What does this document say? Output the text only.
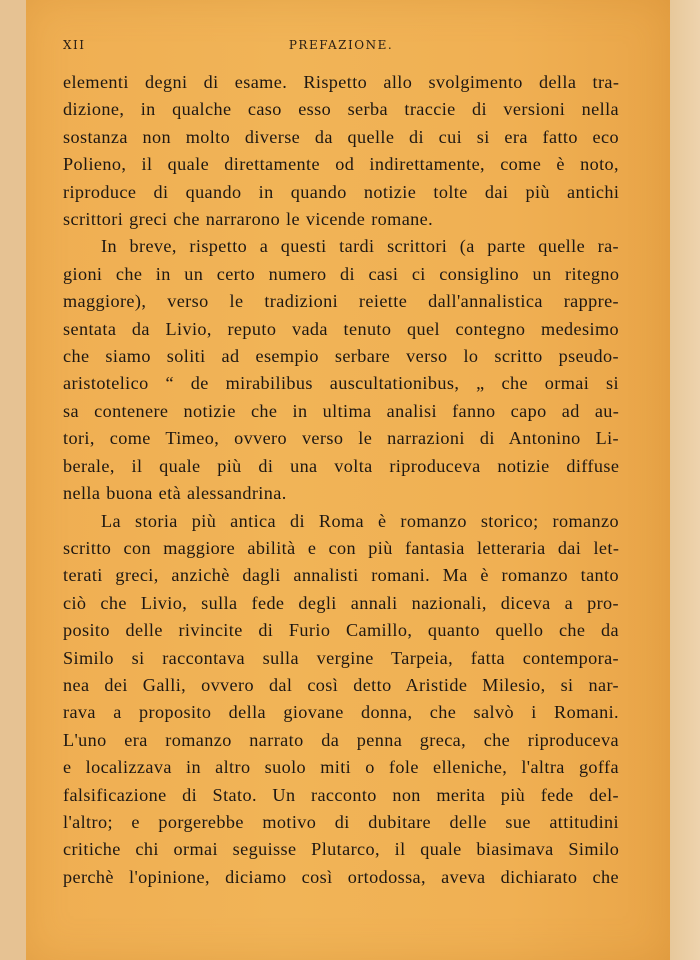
XII	PREFAZIONE.

elementi degni di esame. Rispetto allo svolgimento della tra-
dizione, in qualche caso esso serba traccie di versioni nella
sostanza non molto diverse da quelle di cui si era fatto eco
Polieno, il quale direttamente od indirettamente, come è noto,
riproduce di quando in quando notizie tolte dai più antichi
scrittori greci che narrarono le vicende romane.

In breve, rispetto a questi tardi scrittori (a parte quelle ra-
gioni che in un certo numero di casi ci consiglino un ritegno
maggiore), verso le tradizioni reiette dall'annalistica rappre-
sentata da Livio, reputo vada tenuto quel contegno medesimo
che siamo soliti ad esempio serbare verso lo scritto pseudo-
aristotelico “ de mirabilibus auscultationibus, „ che ormai si
sa contenere notizie che in ultima analisi fanno capo ad au-
tori, come Timeo, ovvero verso le narrazioni di Antonino Li-
berale, il quale più di una volta riproduceva notizie diffuse
nella buona età alessandrina.

La storia più antica di Roma è romanzo storico; romanzo
scritto con maggiore abilità e con più fantasia letteraria dai let-
terati greci, anzichè dagli annalisti romani. Ma è romanzo tanto
ciò che Livio, sulla fede degli annali nazionali, diceva a pro-
posito delle rivincite di Furio Camillo, quanto quello che da
Similo si raccontava sulla vergine Tarpeia, fatta contempora-
nea dei Galli, ovvero dal così detto Aristide Milesio, si nar-
rava a proposito della giovane donna, che salvò i Romani.
L'uno era romanzo narrato da penna greca, che riproduceva
e localizzava in altro suolo miti o fole elleniche, l'altra goffa
falsificazione di Stato. Un racconto non merita più fede del-
l'altro; e porgerebbe motivo di dubitare delle sue attitudini
critiche chi ormai seguisse Plutarco, il quale biasimava Similo
perchè l'opinione, diciamo così ortodossa, aveva dichiarato che
